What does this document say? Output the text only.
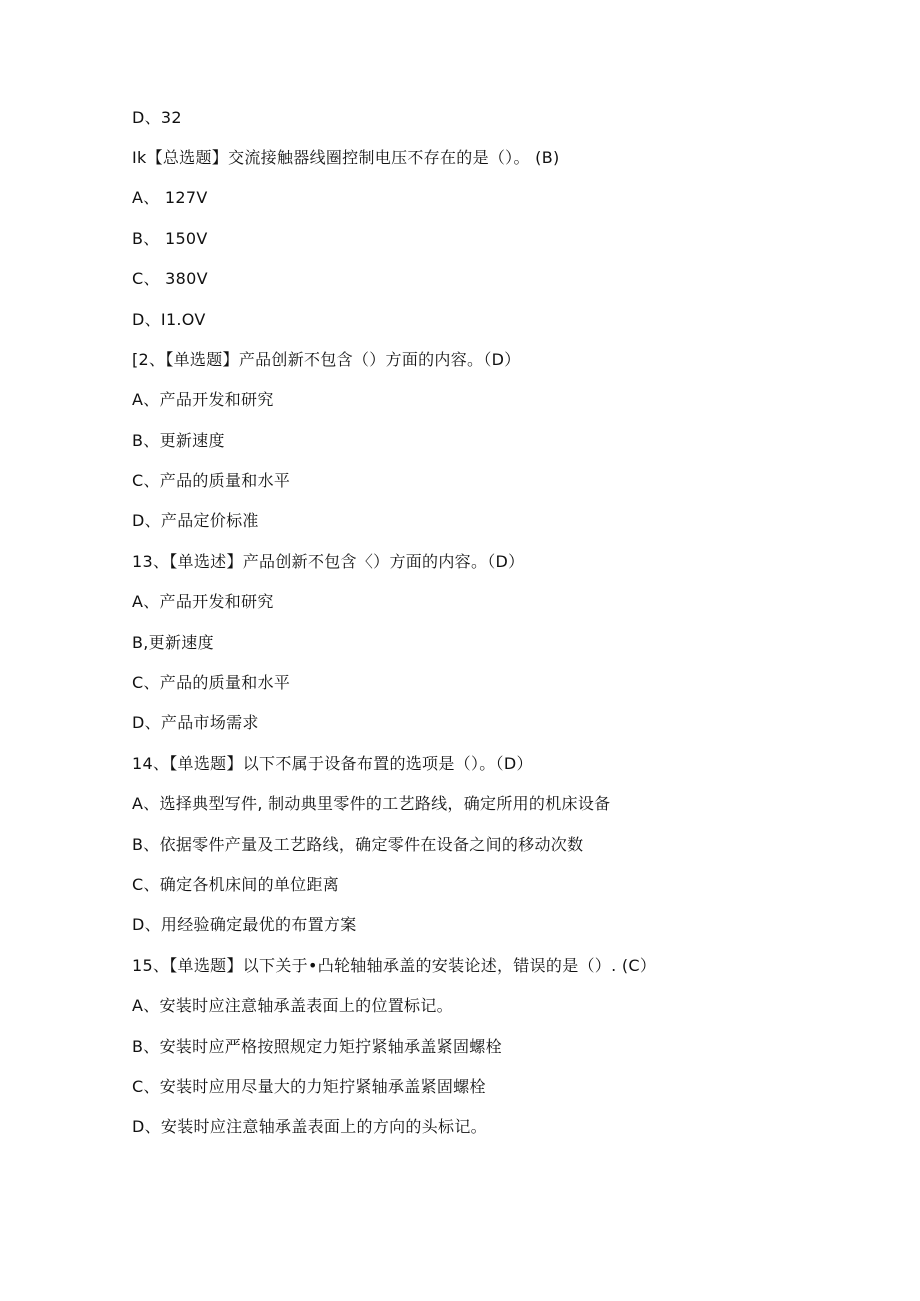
D、32
Ik【总选题】交流接触器线圈控制电压不存在的是（）。 (B)
A、 127V
B、 150V
C、 380V
D、I1.OV
[2、【单选题】产品创新不包含（）方面的内容。（D）
A、产品开发和研究
B、更新速度
C、产品的质量和水平
D、产品定价标准
13、【单选述】产品创新不包含〈）方面的内容。（D）
A、产品开发和研究
B,更新速度
C、产品的质量和水平
D、产品市场需求
14、【单选题】以下不属于设备布置的选项是（）。（D）
A、选择典型写件, 制动典里零件的工艺路线，确定所用的机床设备
B、依据零件产量及工艺路线，确定零件在设备之间的移动次数
C、确定各机床间的单位距离
D、用经验确定最优的布置方案
15、【单选题】以下关于•凸轮轴轴承盖的安装论述，错误的是（）. (C）
A、安装时应注意轴承盖表面上的位置标记。
B、安装时应严格按照规定力矩拧紧轴承盖紧固螺栓
C、安装时应用尽量大的力矩拧紧轴承盖紧固螺栓
D、安装时应注意轴承盖表面上的方向的头标记。
